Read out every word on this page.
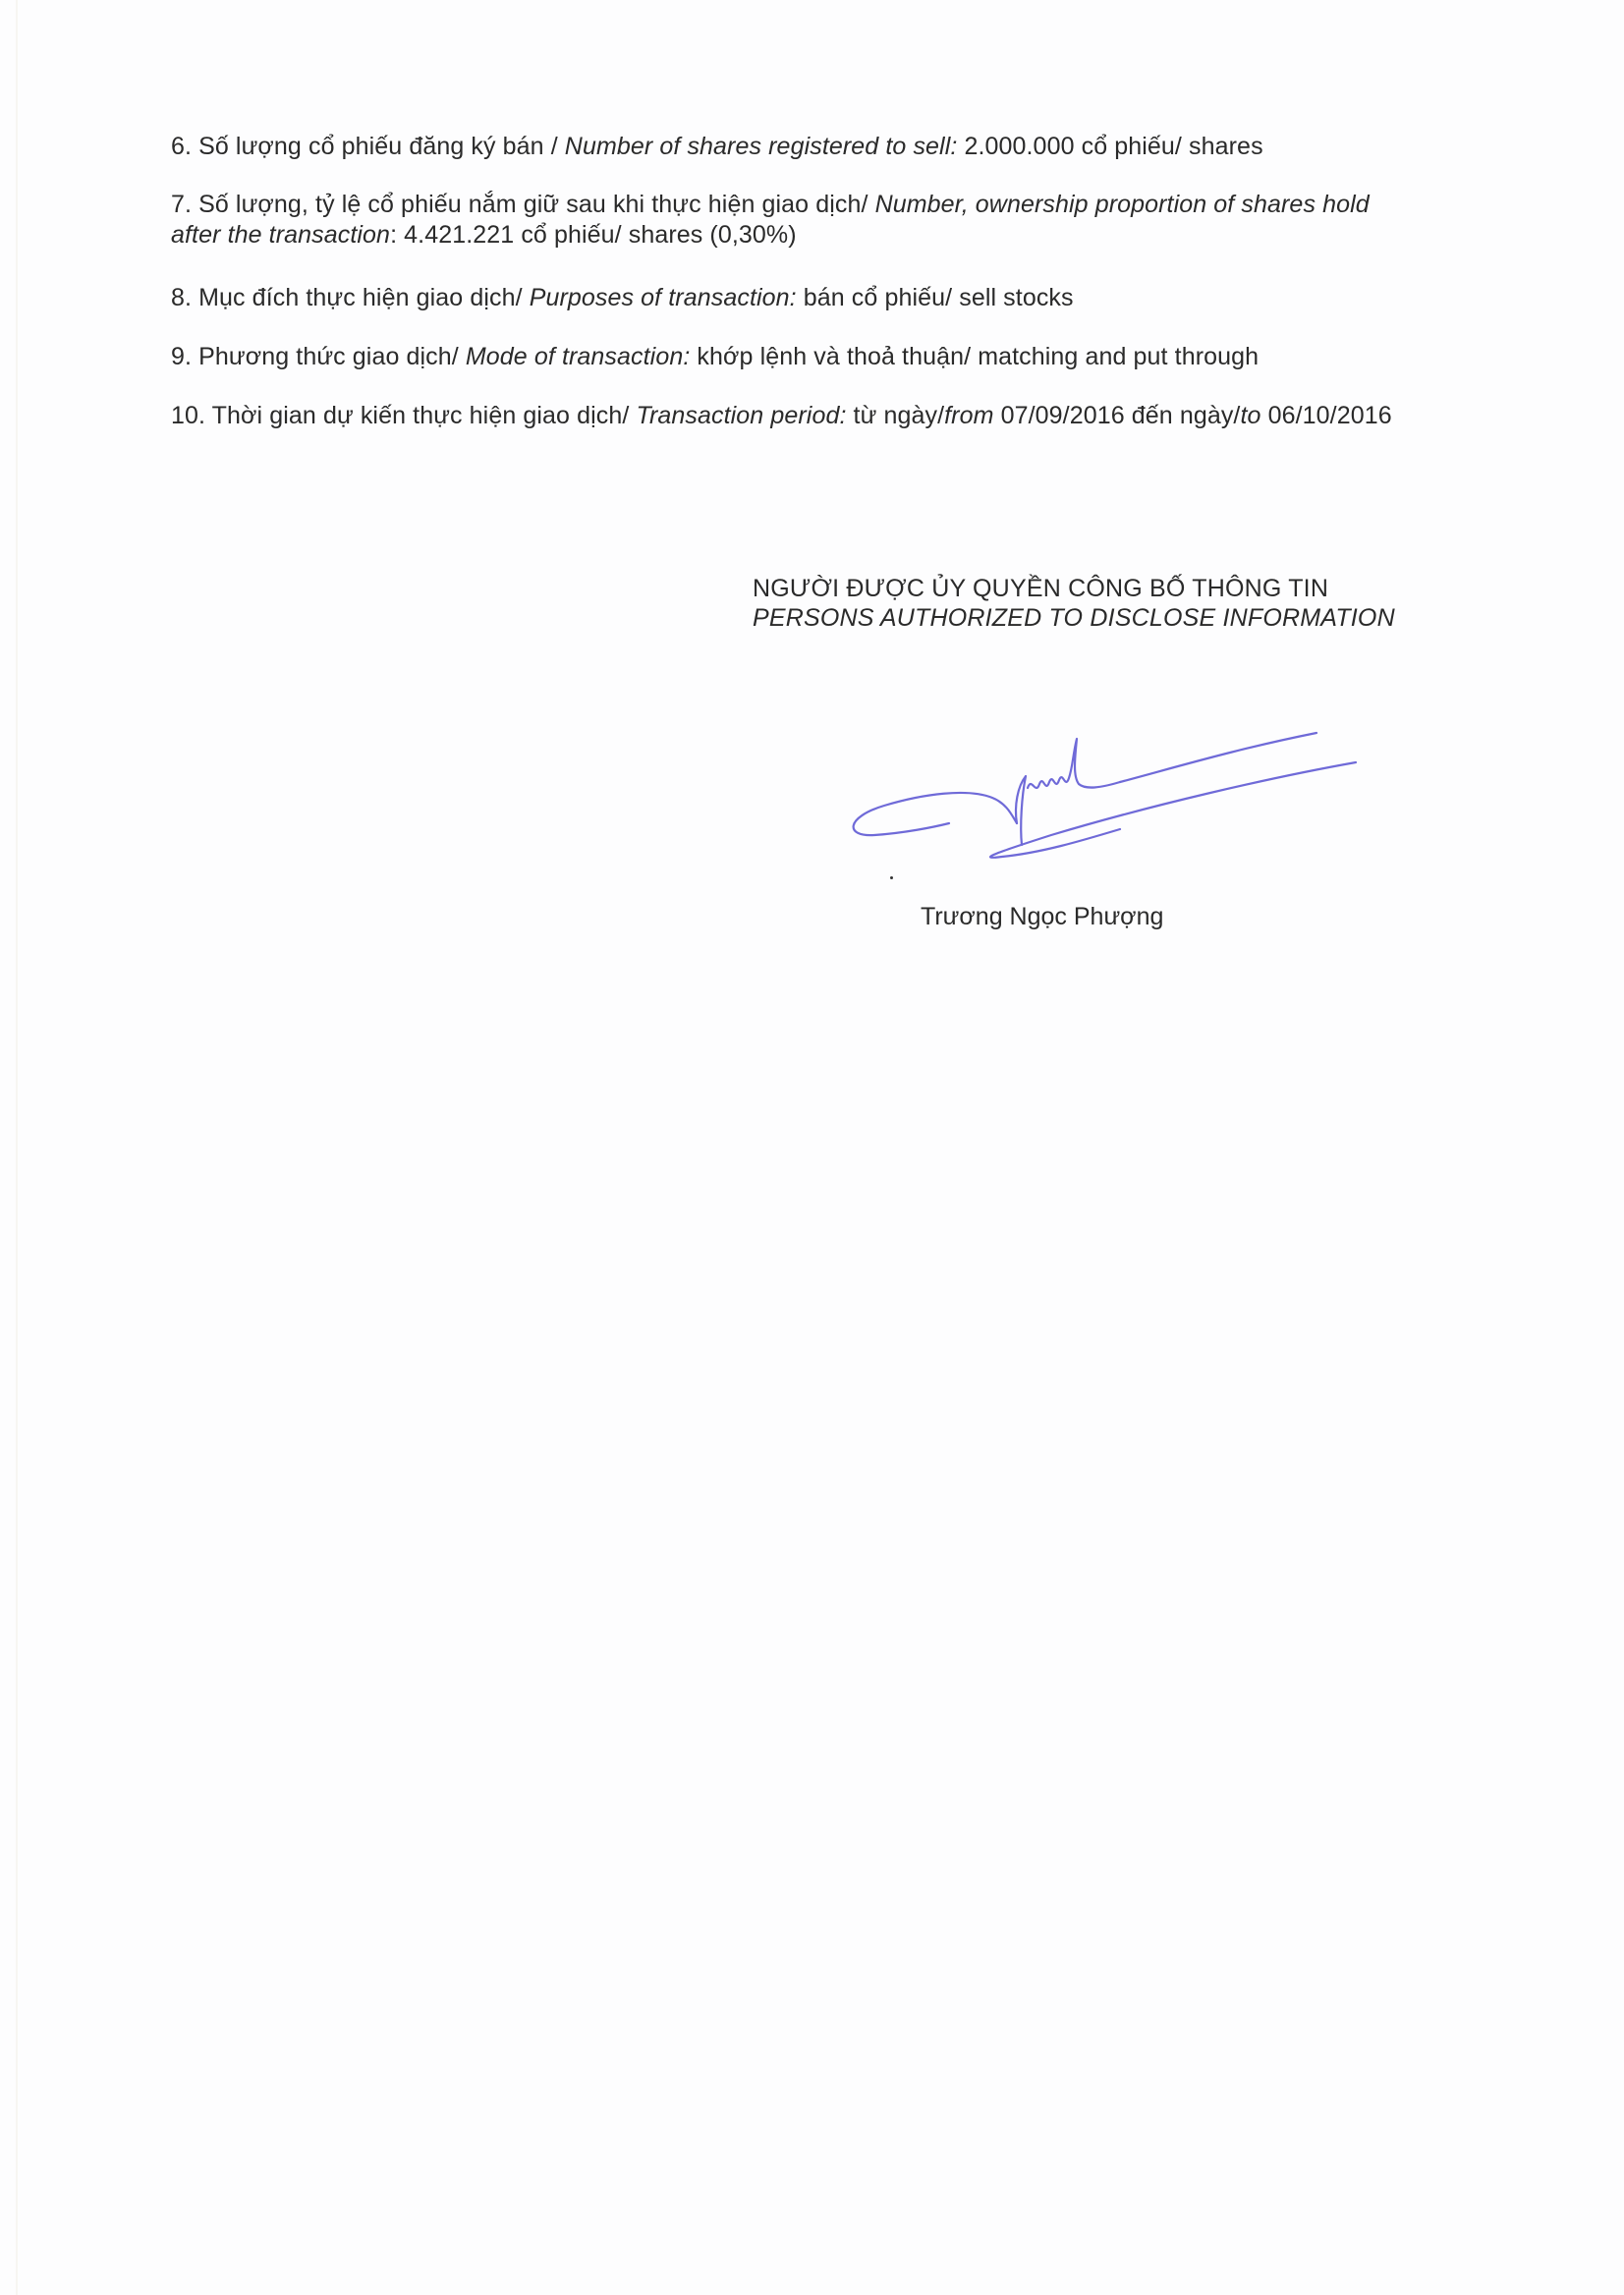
6. Số lượng cổ phiếu đăng ký bán / Number of shares registered to sell: 2.000.000 cổ phiếu/ shares
7. Số lượng, tỷ lệ cổ phiếu nắm giữ sau khi thực hiện giao dịch/ Number, ownership proportion of shares hold
after the transaction: 4.421.221 cổ phiếu/ shares (0,30%)
8. Mục đích thực hiện giao dịch/ Purposes of transaction: bán cổ phiếu/ sell stocks
9. Phương thức giao dịch/ Mode of transaction: khớp lệnh và thoả thuận/ matching and put through
10. Thời gian dự kiến thực hiện giao dịch/ Transaction period: từ ngày/from 07/09/2016 đến ngày/to 06/10/2016
NGƯỜI ĐƯỢC ỦY QUYỀN CÔNG BỐ THÔNG TIN
PERSONS AUTHORIZED TO DISCLOSE INFORMATION
Trương Ngọc Phượng
